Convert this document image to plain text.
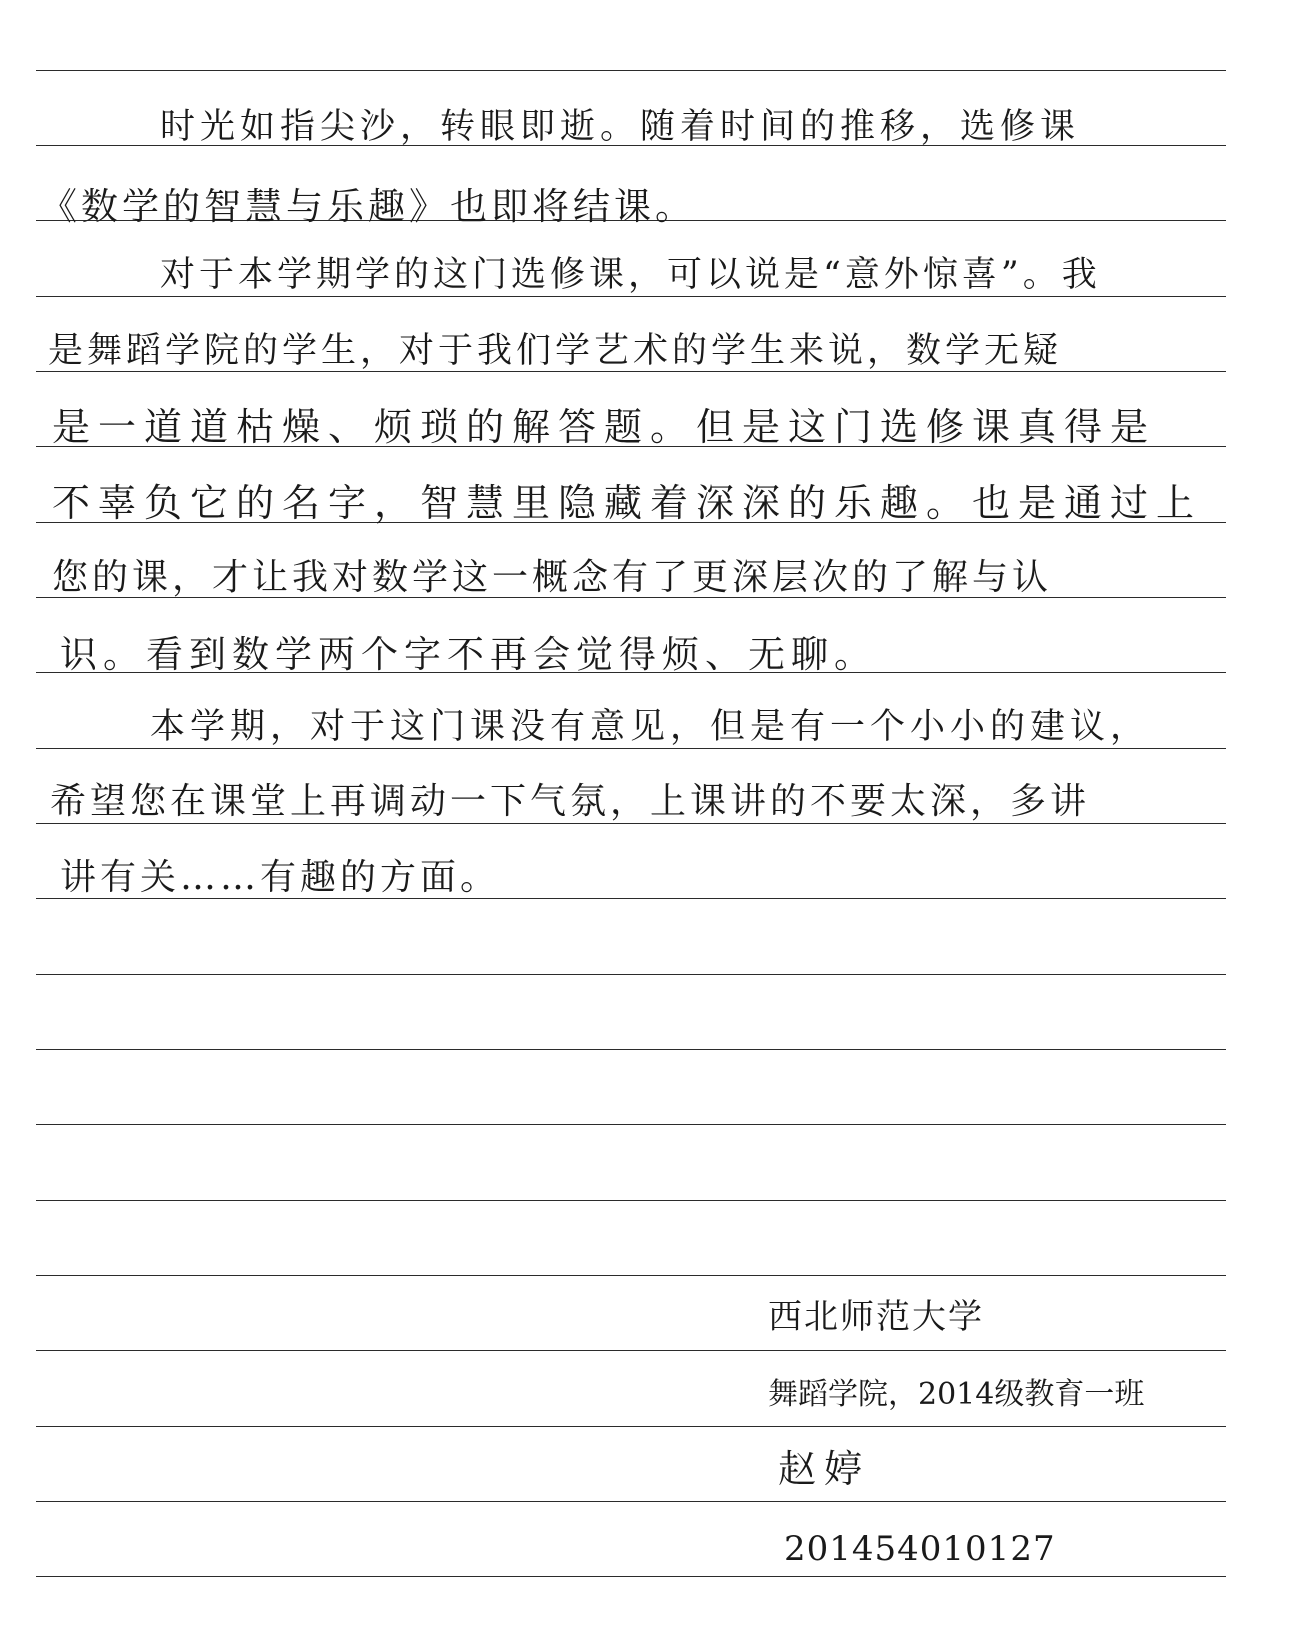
时光如指尖沙，转眼即逝。随着时间的推移，选修课
《数学的智慧与乐趣》也即将结课。
对于本学期学的这门选修课，可以说是“意外惊喜”。我
是舞蹈学院的学生，对于我们学艺术的学生来说，数学无疑
是一道道枯燥、烦琐的解答题。但是这门选修课真得是
不辜负它的名字，智慧里隐藏着深深的乐趣。也是通过上
您的课，才让我对数学这一概念有了更深层次的了解与认
识。看到数学两个字不再会觉得烦、无聊。
本学期，对于这门课没有意见，但是有一个小小的建议，
希望您在课堂上再调动一下气氛，上课讲的不要太深，多讲
讲有关……有趣的方面。
西北师范大学
舞蹈学院，2014级教育一班
赵婷
201454010127
